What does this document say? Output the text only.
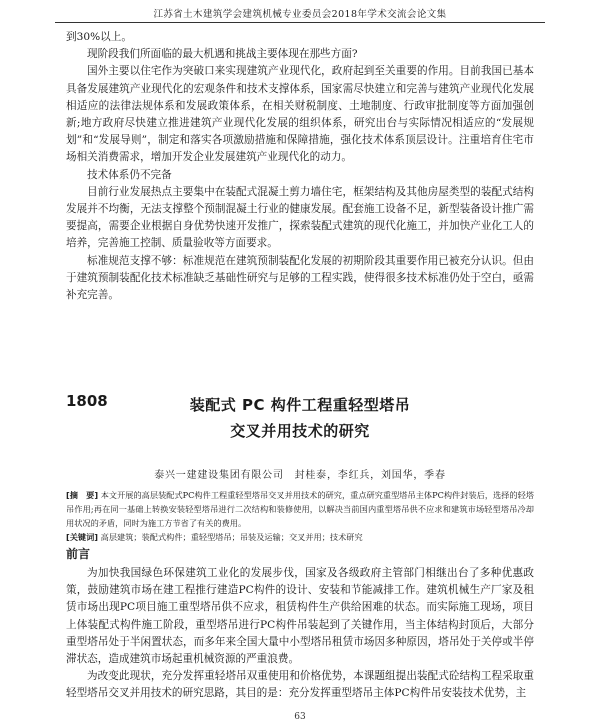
江苏省土木建筑学会建筑机械专业委员会2018年学术交流会论文集

到30%以上。

现阶段我们所面临的最大机遇和挑战主要体现在那些方面?

国外主要以住宅作为突破口来实现建筑产业现代化，政府起到至关重要的作用。目前我国已基本具备发展建筑产业现代化的宏观条件和技术支撑体系，国家需尽快建立和完善与建筑产业现代化发展相适应的法律法规体系和发展政策体系，在相关财税制度、土地制度、行政审批制度等方面加强创新;地方政府尽快建立推进建筑产业现代化发展的组织体系，研究出台与实际情况相适应的“发展规划”和“发展导则”，制定和落实各项激励措施和保障措施，强化技术体系顶层设计。注重培育住宅市场相关消费需求，增加开发企业发展建筑产业现代化的动力。

技术体系仍不完备

目前行业发展热点主要集中在装配式混凝土剪力墙住宅，框架结构及其他房屋类型的装配式结构发展并不均衡，无法支撑整个预制混凝土行业的健康发展。配套施工设备不足，新型装备设计推广需要提高，需要企业根据自身优势快速开发推广，探索装配式建筑的现代化施工，并加快产业化工人的培养，完善施工控制、质量验收等方面要求。

标准规范支撑不够：标准规范在建筑预制装配化发展的初期阶段其重要作用已被充分认识。但由于建筑预制装配化技术标准缺乏基础性研究与足够的工程实践，使得很多技术标准仍处于空白，亟需补充完善。

装配式 PC 构件工程重轻型塔吊
交叉并用技术的研究
1808
泰兴一建建设集团有限公司　封桂泰，李红兵，刘国华，季春

[摘　要] 本文开展的高层装配式PC构件工程重轻型塔吊交叉并用技术的研究，重点研究重型塔吊主体PC构件封装后，选择的轻塔吊作用;再在同一基础上转换安装轻型塔吊进行二次结构和装修使用，以解决当前国内重型塔吊供不应求和建筑市场轻型塔吊冷却用状况的矛盾，同时为施工方节省了有关的费用。

[关键词] 高层建筑；装配式构件；重轻型塔吊；吊装及运输；交叉并用；技术研究

前言

为加快我国绿色环保建筑工业化的发展步伐，国家及各级政府主管部门相继出台了多种优惠政策，鼓励建筑市场在建工程推行建造PC构件的设计、安装和节能减排工作。建筑机械生产厂家及租赁市场出现PC项目施工重型塔吊供不应求，租赁构件生产供给困难的状态。而实际施工现场，项目上体装配式构件施工阶段，重型塔吊进行PC构件吊装起到了关键作用，当主体结构封顶后，大部分重型塔吊处于半闲置状态，而多年来全国大量中小型塔吊租赁市场因多种原因，塔吊处于关停或半停滞状态，造成建筑市场起重机械资源的严重浪费。

为改变此现状，充分发挥重轻塔吊双重使用和价格优势，本课题组提出装配式砼结构工程采取重轻型塔吊交叉并用技术的研究思路，其目的是：充分发挥重型塔吊主体PC构件吊安装技术优势，主

63
